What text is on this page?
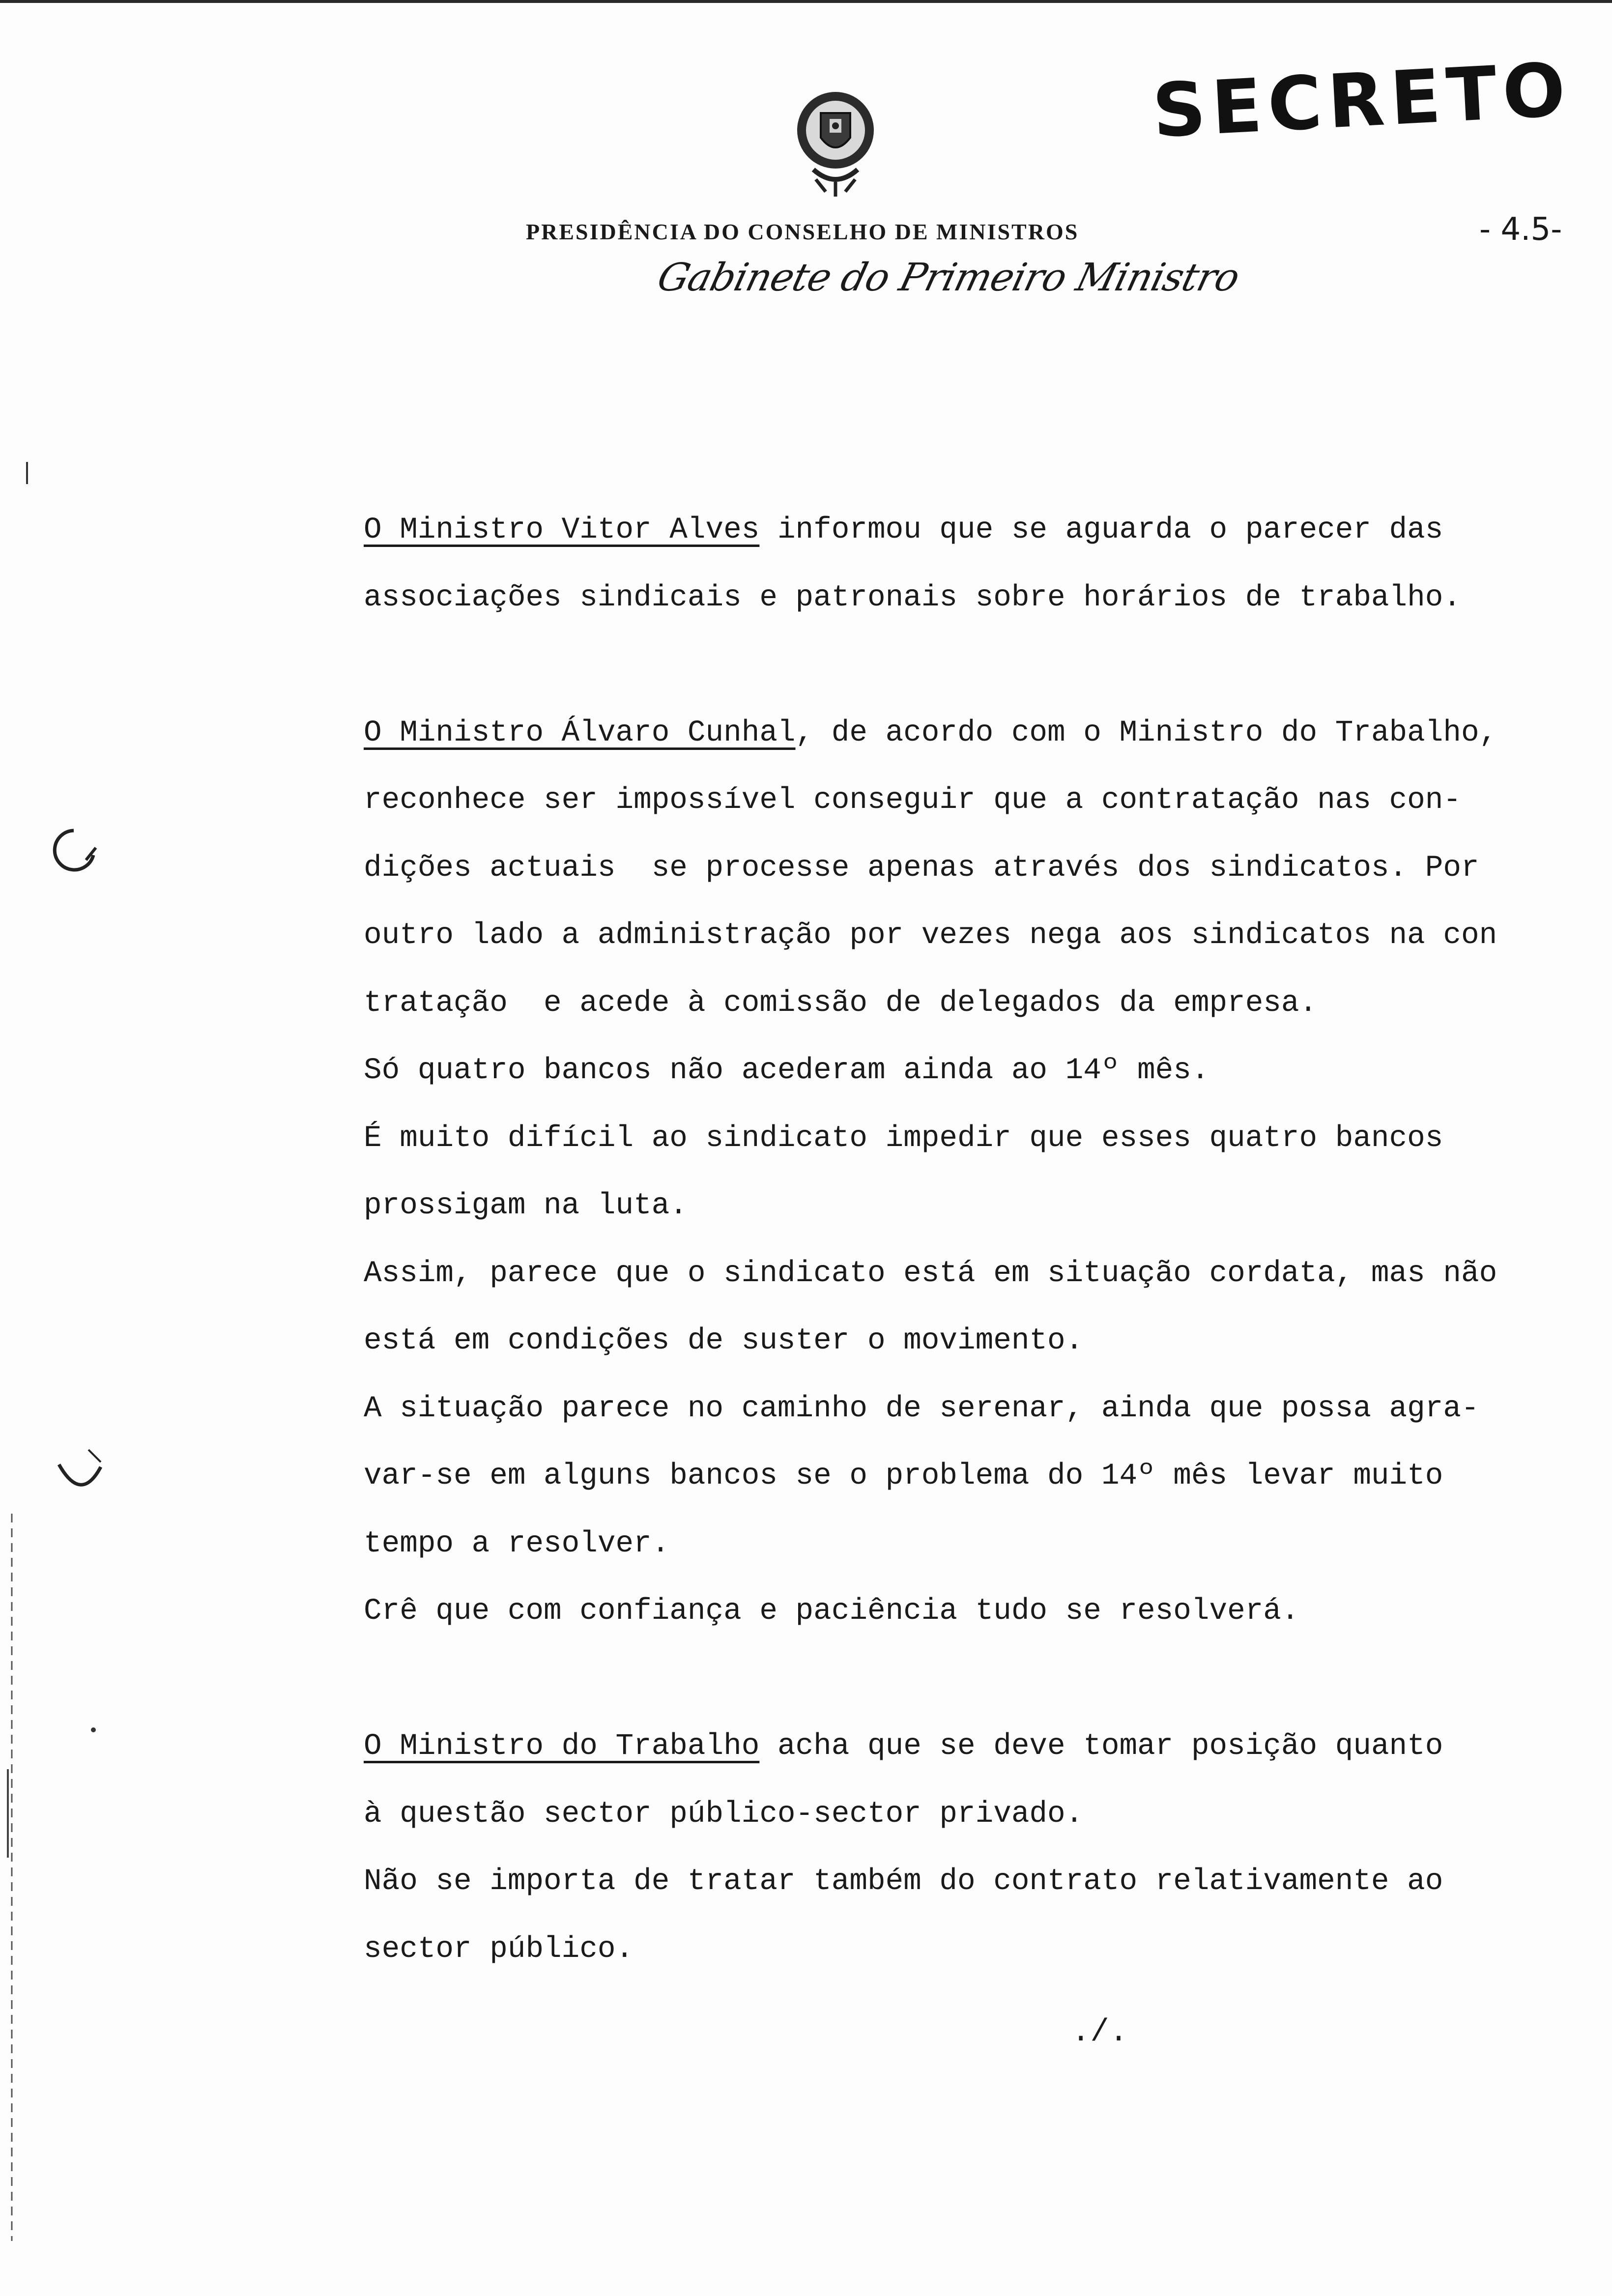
SECRETO
PRESIDÊNCIA DO CONSELHO DE MINISTROS
Gabinete do Primeiro Ministro
- 4.5-
O Ministro Vitor Alves informou que se aguarda o parecer das
associações sindicais e patronais sobre horários de trabalho.
O Ministro Álvaro Cunhal, de acordo com o Ministro do Trabalho,
reconhece ser impossível conseguir que a contratação nas con-
dições actuais  se processe apenas através dos sindicatos. Por
outro lado a administração por vezes nega aos sindicatos na con
tratação  e acede à comissão de delegados da empresa.
Só quatro bancos não acederam ainda ao 14º mês.
É muito difícil ao sindicato impedir que esses quatro bancos
prossigam na luta.
Assim, parece que o sindicato está em situação cordata, mas não
está em condições de suster o movimento.
A situação parece no caminho de serenar, ainda que possa agra-
var-se em alguns bancos se o problema do 14º mês levar muito
tempo a resolver.
Crê que com confiança e paciência tudo se resolverá.
O Ministro do Trabalho acha que se deve tomar posição quanto
à questão sector público-sector privado.
Não se importa de tratar também do contrato relativamente ao
sector público.
./.
